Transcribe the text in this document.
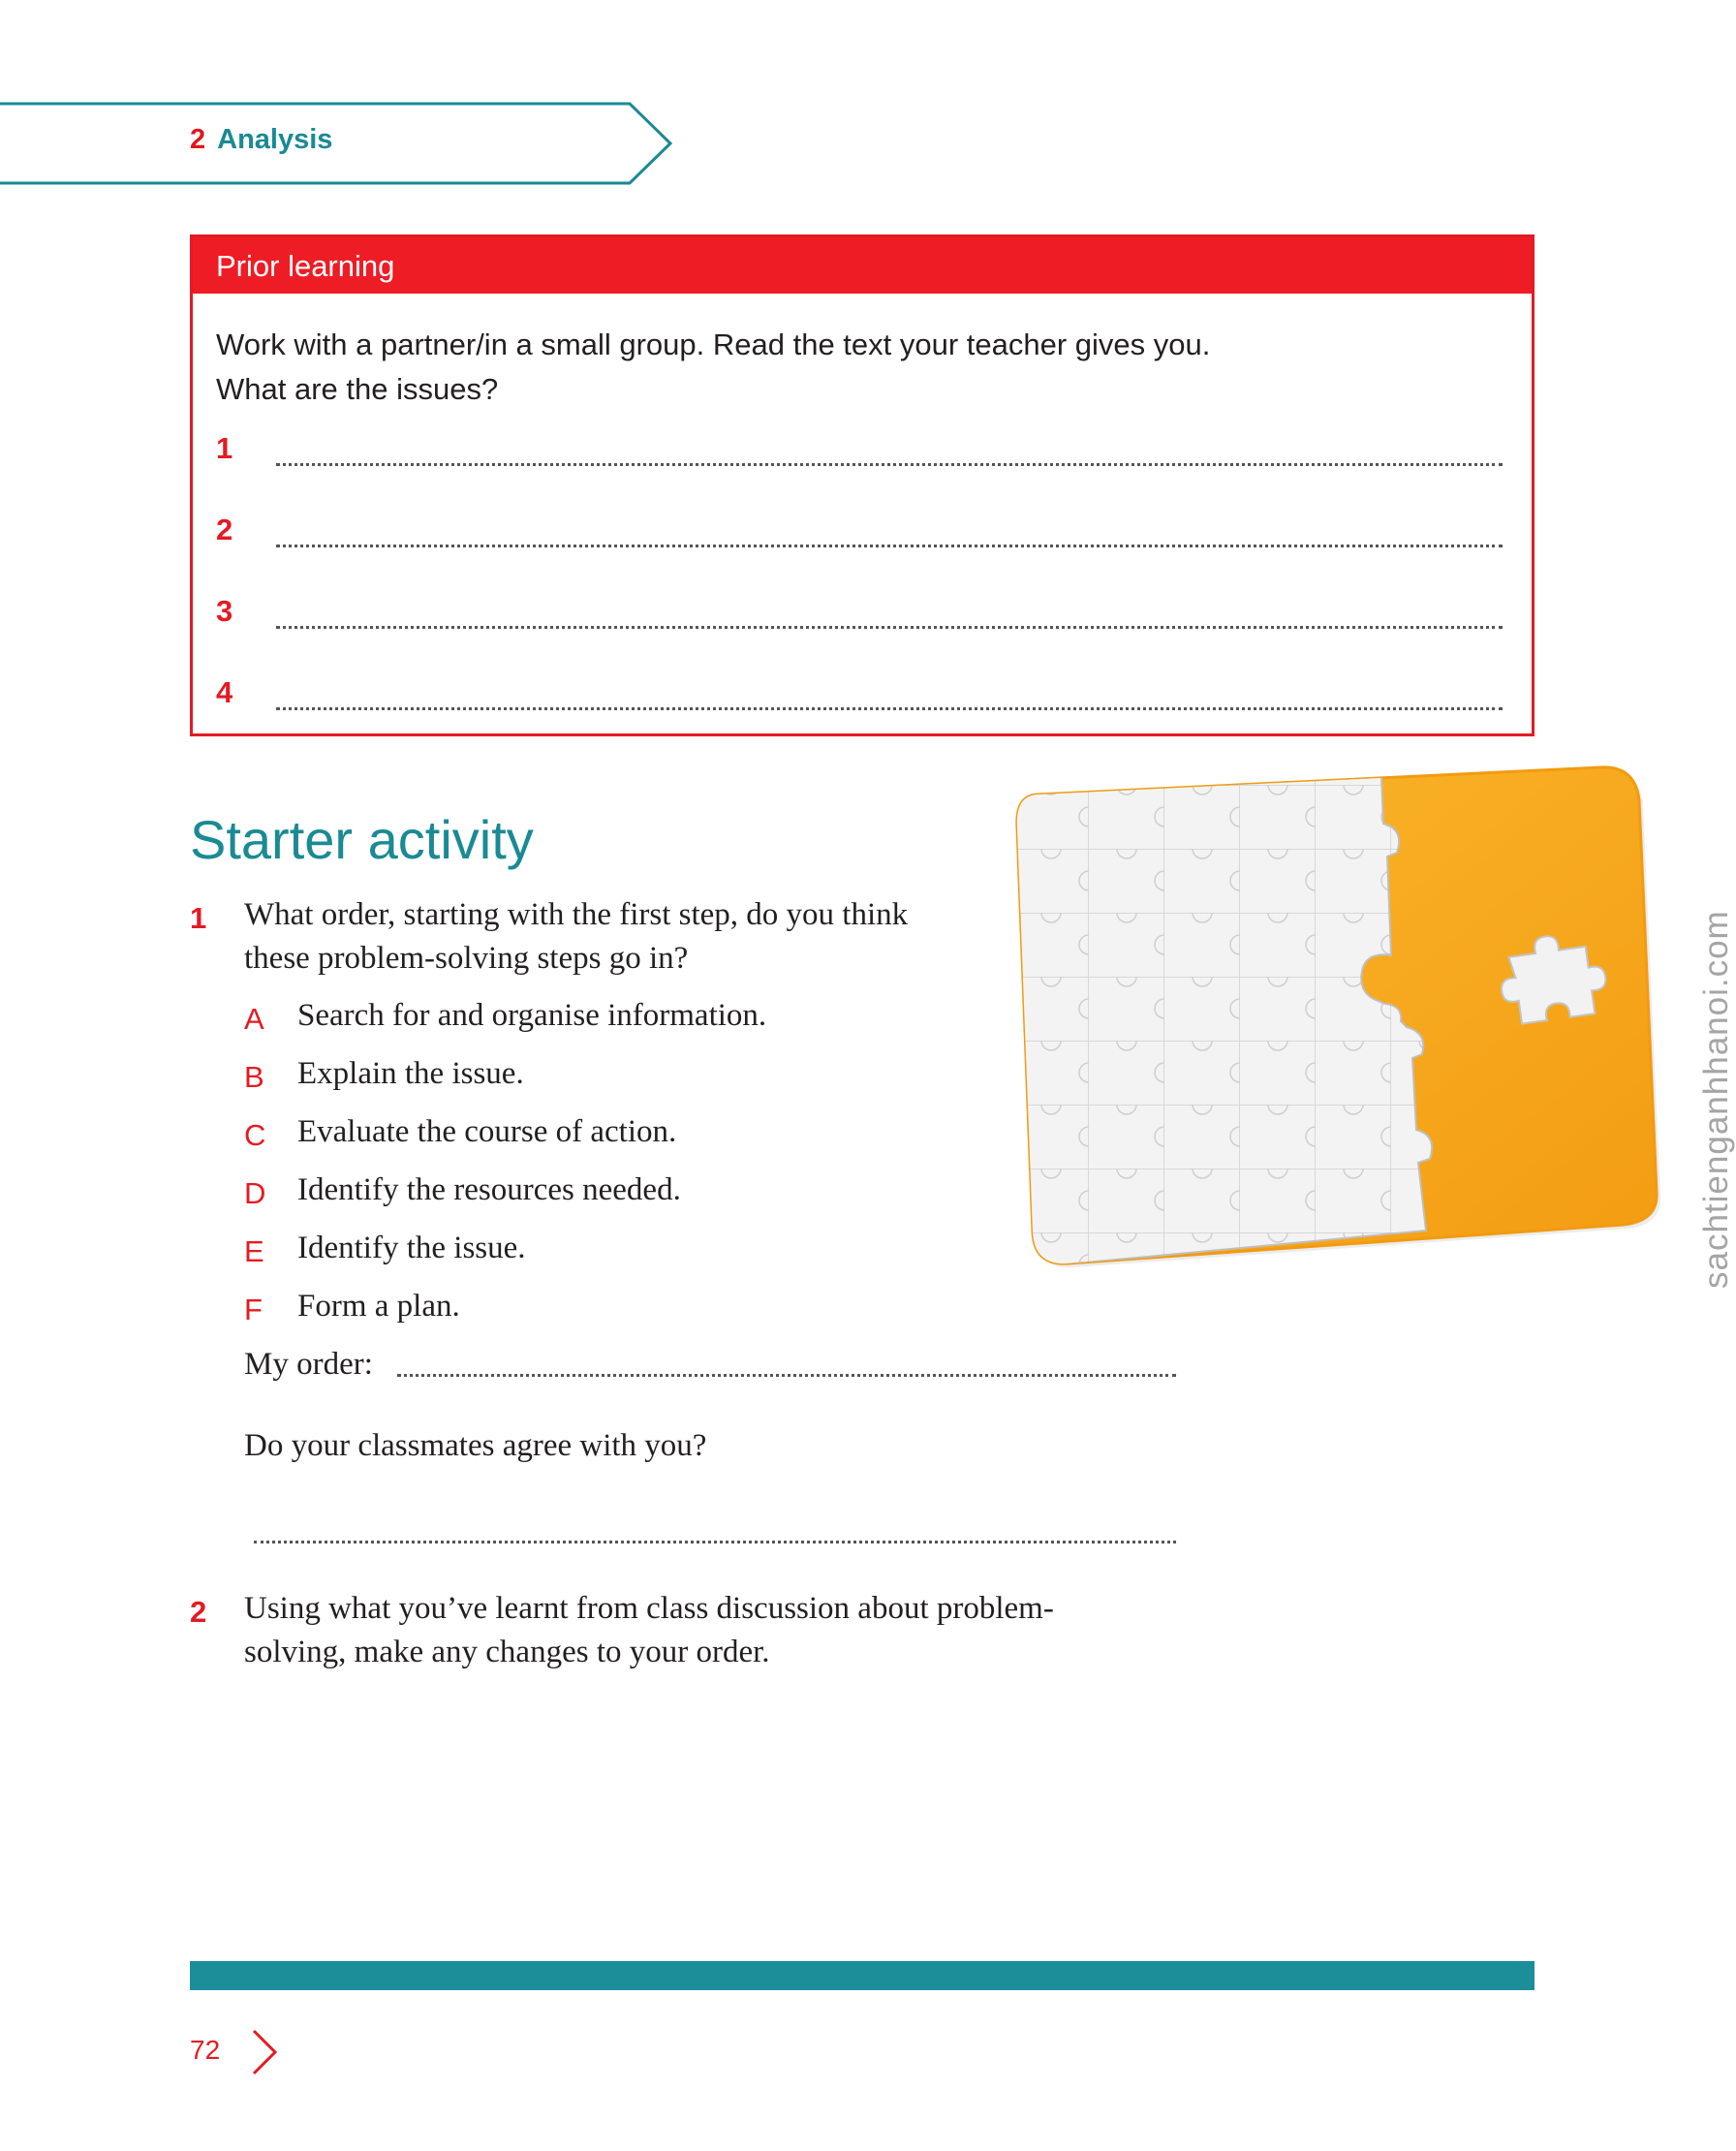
2 Analysis
Prior learning
Work with a partner/in a small group. Read the text your teacher gives you.
What are the issues?
1
2
3
4
Starter activity
1 What order, starting with the first step, do you think
these problem-solving steps go in?
A Search for and organise information.
B Explain the issue.
C Evaluate the course of action.
D Identify the resources needed.
E Identify the issue.
F Form a plan.
My order:
Do your classmates agree with you?
2 Using what you’ve learnt from class discussion about problem-
solving, make any changes to your order.
sachtienganhhanoi.com
72
